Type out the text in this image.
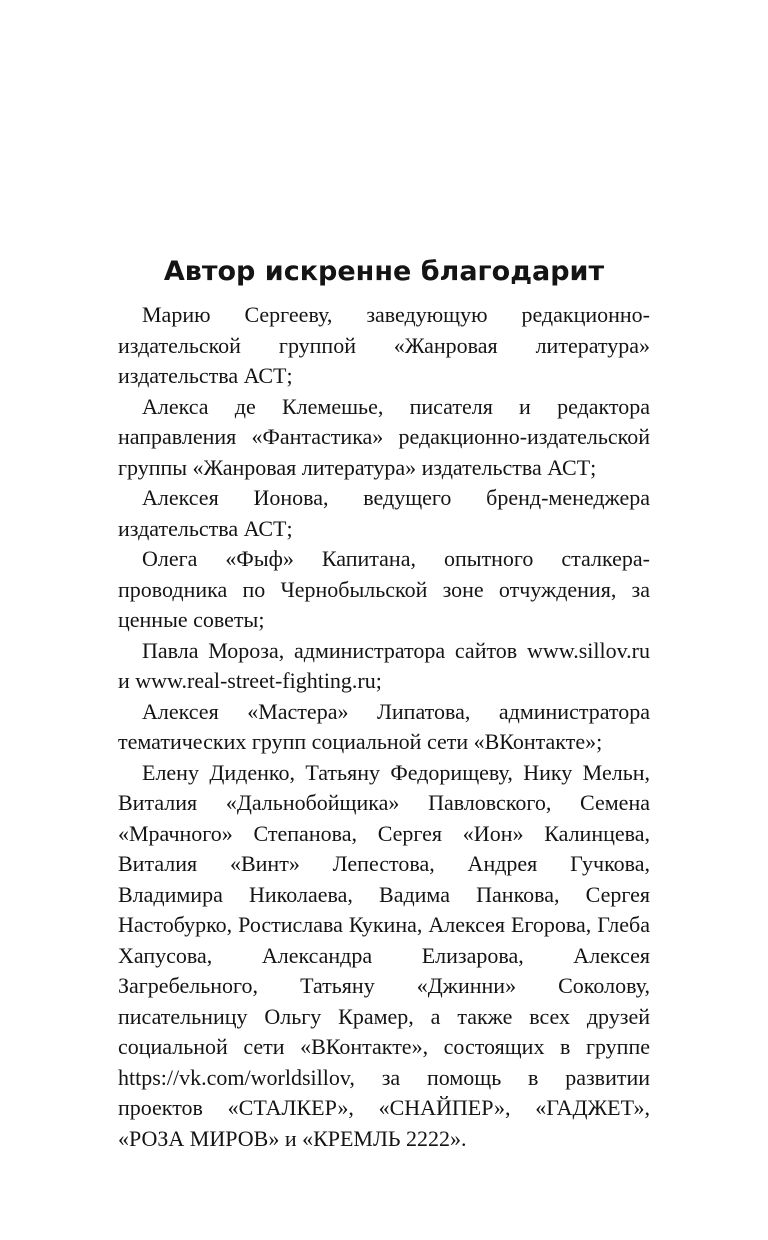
Автор искренне благодарит

Марию Сергееву, заведующую редакционно-издательской группой «Жанровая литература» издательства АСТ;

Алекса де Клемешье, писателя и редактора направления «Фантастика» редакционно-издательской группы «Жанровая литература» издательства АСТ;

Алексея Ионова, ведущего бренд-менеджера издательства АСТ;

Олега «Фыф» Капитана, опытного сталкера-проводника по Чернобыльской зоне отчуждения, за ценные советы;

Павла Мороза, администратора сайтов www.sillov.ru и www.real-street-fighting.ru;

Алексея «Мастера» Липатова, администратора тематических групп социальной сети «ВКонтакте»;

Елену Диденко, Татьяну Федорищеву, Нику Мельн, Виталия «Дальнобойщика» Павловского, Семена «Мрачного» Степанова, Сергея «Ион» Калинцева, Виталия «Винт» Лепестова, Андрея Гучкова, Владимира Николаева, Вадима Панкова, Сергея Настобурко, Ростислава Кукина, Алексея Егорова, Глеба Хапусова, Александра Елизарова, Алексея Загребельного, Татьяну «Джинни» Соколову, писательницу Ольгу Крамер, а также всех друзей социальной сети «ВКонтакте», состоящих в группе https://vk.com/worldsillov, за помощь в развитии проектов «СТАЛКЕР», «СНАЙПЕР», «ГАДЖЕТ», «РОЗА МИРОВ» и «КРЕМЛЬ 2222».
